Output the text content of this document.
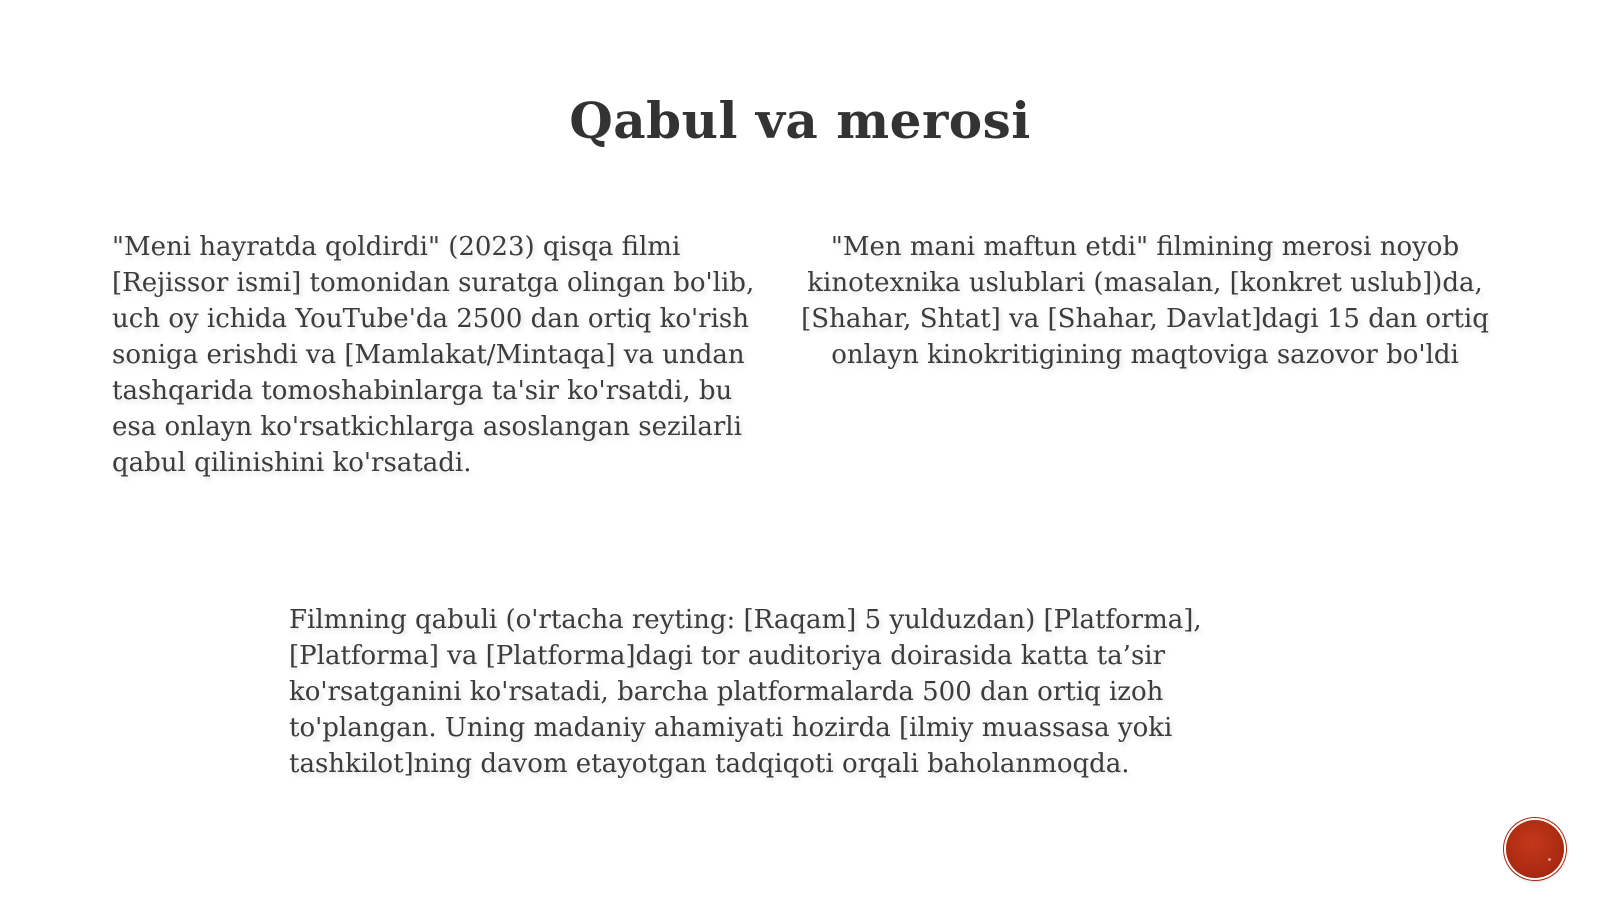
Qabul va merosi

"Meni hayratda qoldirdi" (2023) qisqa filmi [Rejissor ismi] tomonidan suratga olingan bo'lib, uch oy ichida YouTube'da 2500 dan ortiq ko'rish soniga erishdi va [Mamlakat/Mintaqa] va undan tashqarida tomoshabinlarga ta'sir ko'rsatdi, bu esa onlayn ko'rsatkichlarga asoslangan sezilarli qabul qilinishini ko'rsatadi.

"Men mani maftun etdi" filmining merosi noyob kinotexnika uslublari (masalan, [konkret uslub])da, [Shahar, Shtat] va [Shahar, Davlat]dagi 15 dan ortiq onlayn kinokritigining maqtoviga sazovor bo'ldi

Filmning qabuli (o'rtacha reyting: [Raqam] 5 yulduzdan) [Platforma], [Platforma] va [Platforma]dagi tor auditoriya doirasida katta ta’sir ko'rsatganini ko'rsatadi, barcha platformalarda 500 dan ortiq izoh to'plangan. Uning madaniy ahamiyati hozirda [ilmiy muassasa yoki tashkilot]ning davom etayotgan tadqiqoti orqali baholanmoqda.
